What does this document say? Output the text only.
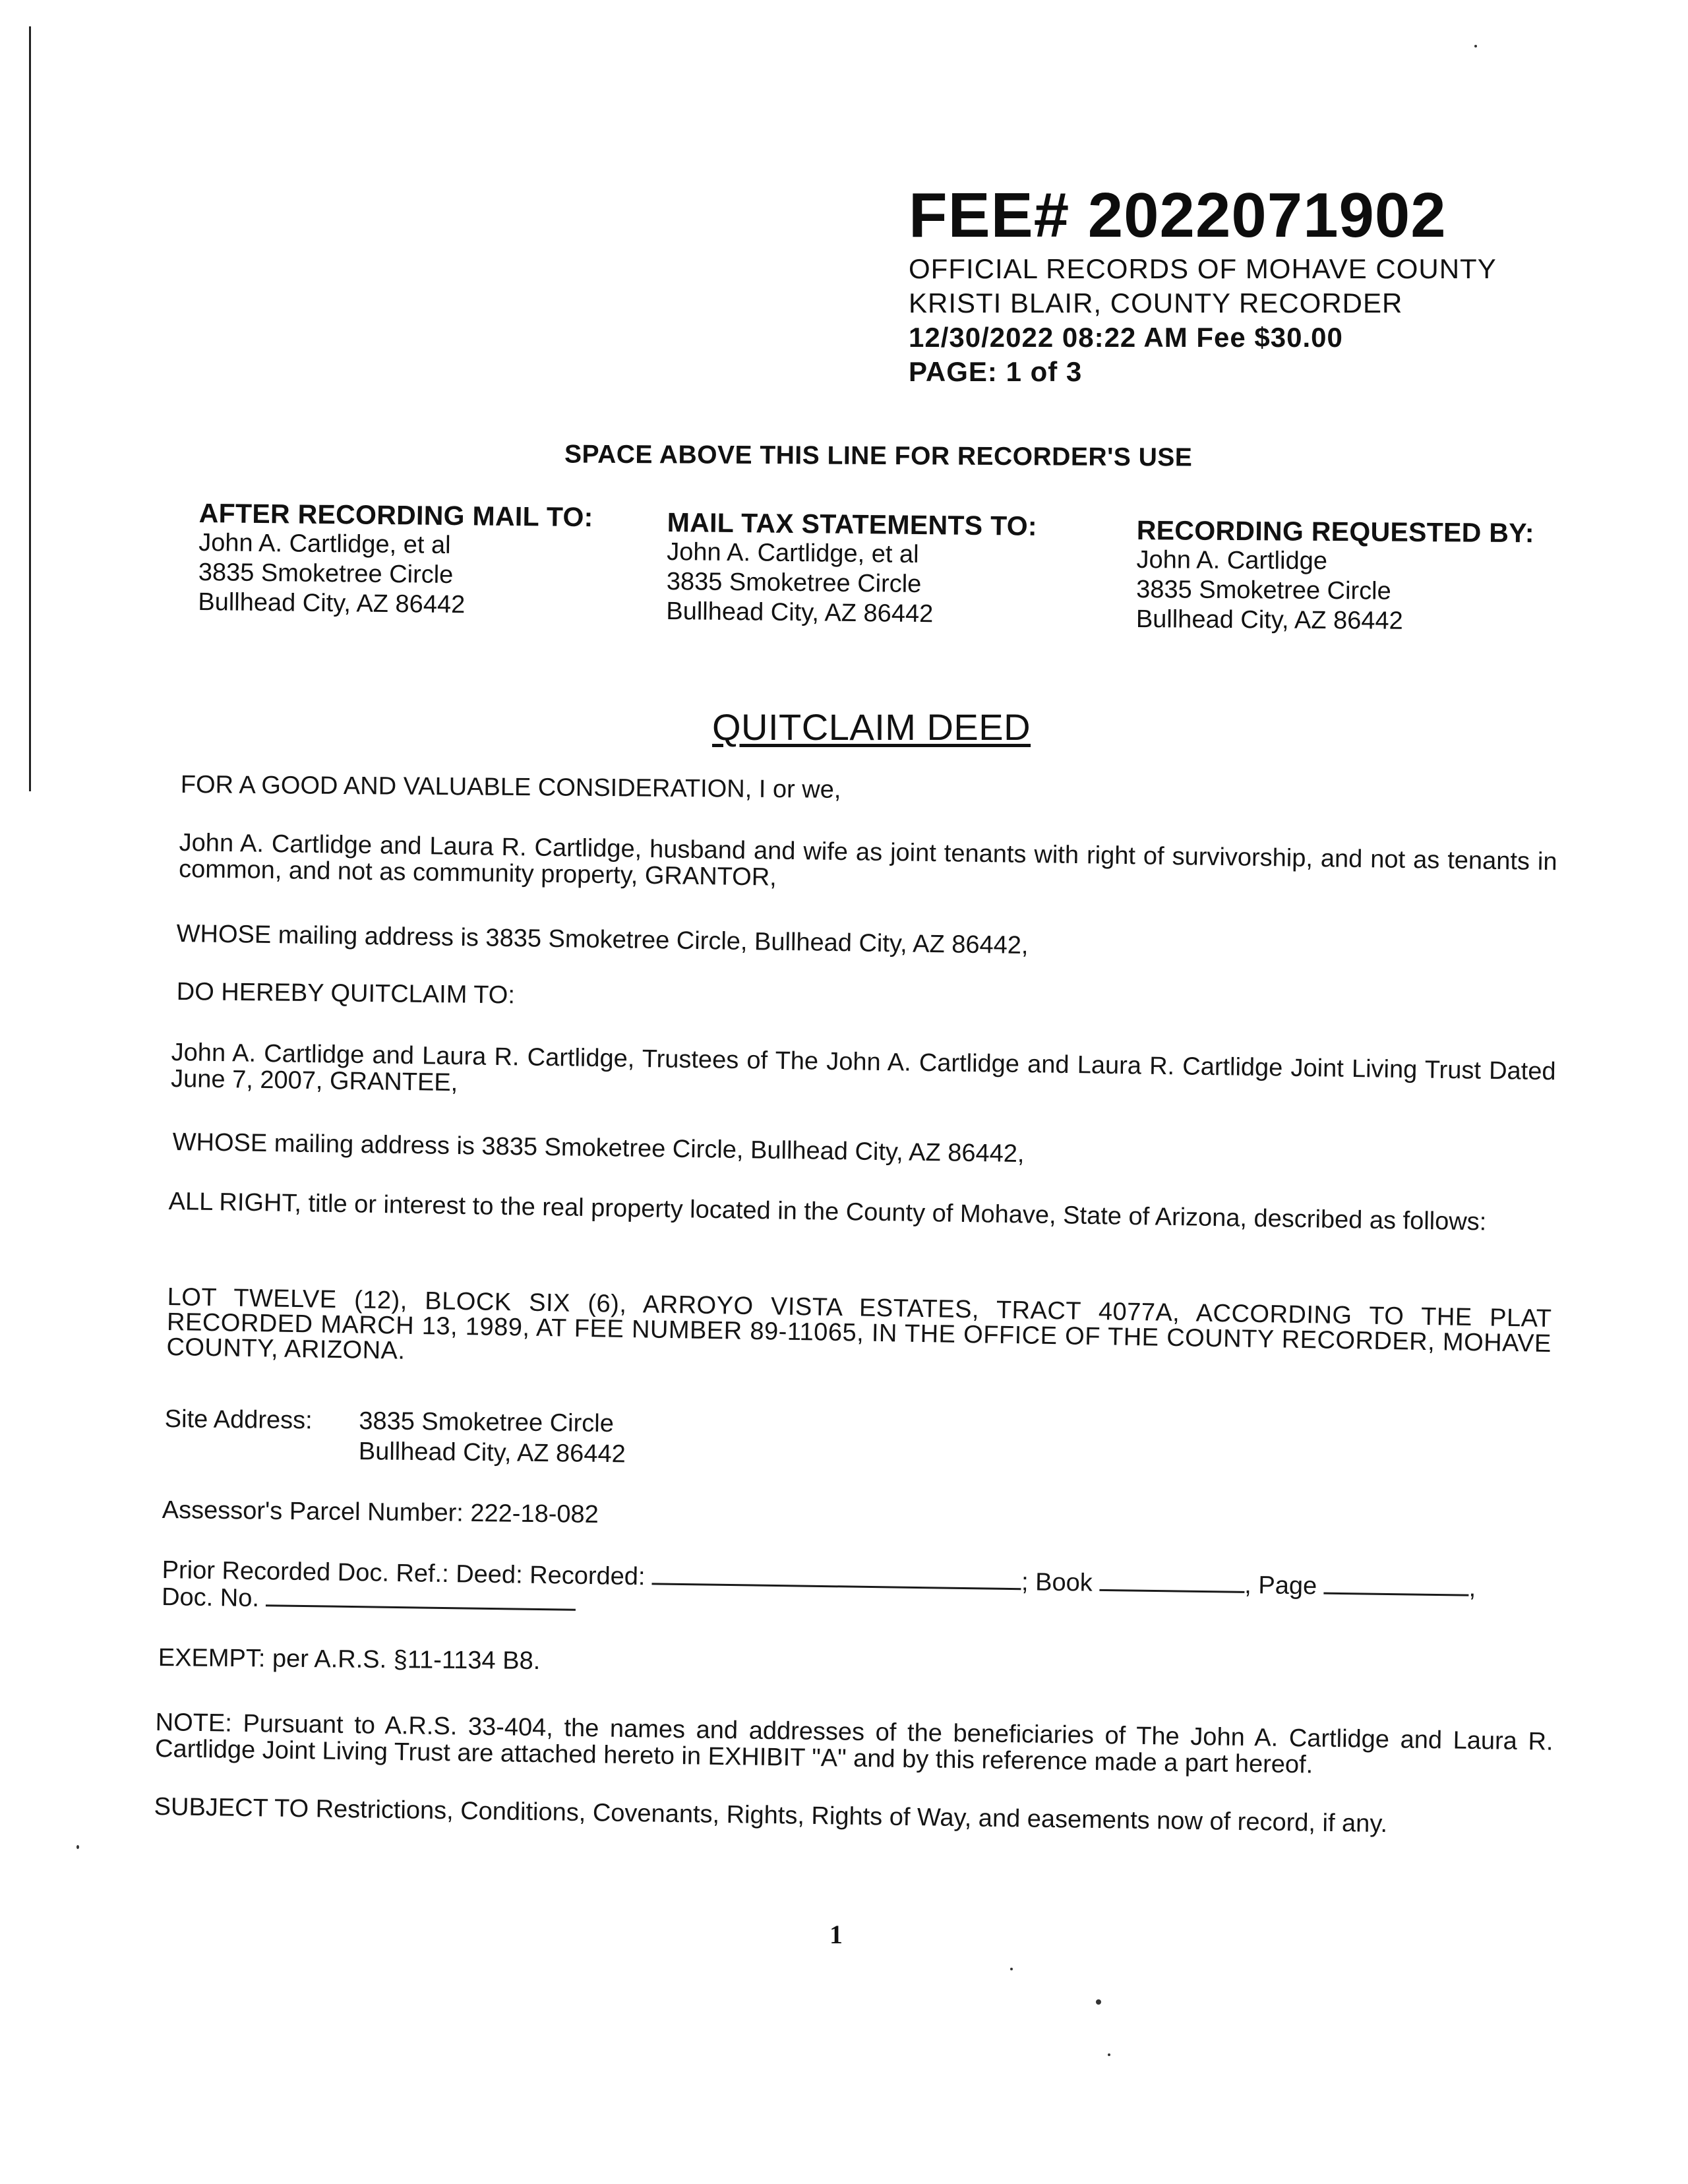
FEE# 2022071902
OFFICIAL RECORDS OF MOHAVE COUNTY
KRISTI BLAIR, COUNTY RECORDER
12/30/2022 08:22 AM Fee $30.00
PAGE: 1 of 3
SPACE ABOVE THIS LINE FOR RECORDER'S USE
AFTER RECORDING MAIL TO:
John A. Cartlidge, et al
3835 Smoketree Circle
Bullhead City, AZ 86442
MAIL TAX STATEMENTS TO:
John A. Cartlidge, et al
3835 Smoketree Circle
Bullhead City, AZ 86442
RECORDING REQUESTED BY:
John A. Cartlidge
3835 Smoketree Circle
Bullhead City, AZ 86442
QUITCLAIM DEED
FOR A GOOD AND VALUABLE CONSIDERATION, I or we,
John A. Cartlidge and Laura R. Cartlidge, husband and wife as joint tenants with right of survivorship, and not as tenants in common, and not as community property, GRANTOR,
WHOSE mailing address is 3835 Smoketree Circle, Bullhead City, AZ 86442,
DO HEREBY QUITCLAIM TO:
John A. Cartlidge and Laura R. Cartlidge, Trustees of The John A. Cartlidge and Laura R. Cartlidge Joint Living Trust Dated June 7, 2007, GRANTEE,
WHOSE mailing address is 3835 Smoketree Circle, Bullhead City, AZ 86442,
ALL RIGHT, title or interest to the real property located in the County of Mohave, State of Arizona, described as follows:
LOT TWELVE (12), BLOCK SIX (6), ARROYO VISTA ESTATES, TRACT 4077A, ACCORDING TO THE PLAT RECORDED MARCH 13, 1989, AT FEE NUMBER 89-11065, IN THE OFFICE OF THE COUNTY RECORDER, MOHAVE COUNTY, ARIZONA.
Site Address: 3835 Smoketree Circle
Bullhead City, AZ 86442
Assessor's Parcel Number: 222-18-082
Prior Recorded Doc. Ref.: Deed: Recorded:	; Book	, Page	,
Doc. No.
EXEMPT: per A.R.S. §11-1134 B8.
NOTE: Pursuant to A.R.S. 33-404, the names and addresses of the beneficiaries of The John A. Cartlidge and Laura R. Cartlidge Joint Living Trust are attached hereto in EXHIBIT "A" and by this reference made a part hereof.
SUBJECT TO Restrictions, Conditions, Covenants, Rights, Rights of Way, and easements now of record, if any.
1
